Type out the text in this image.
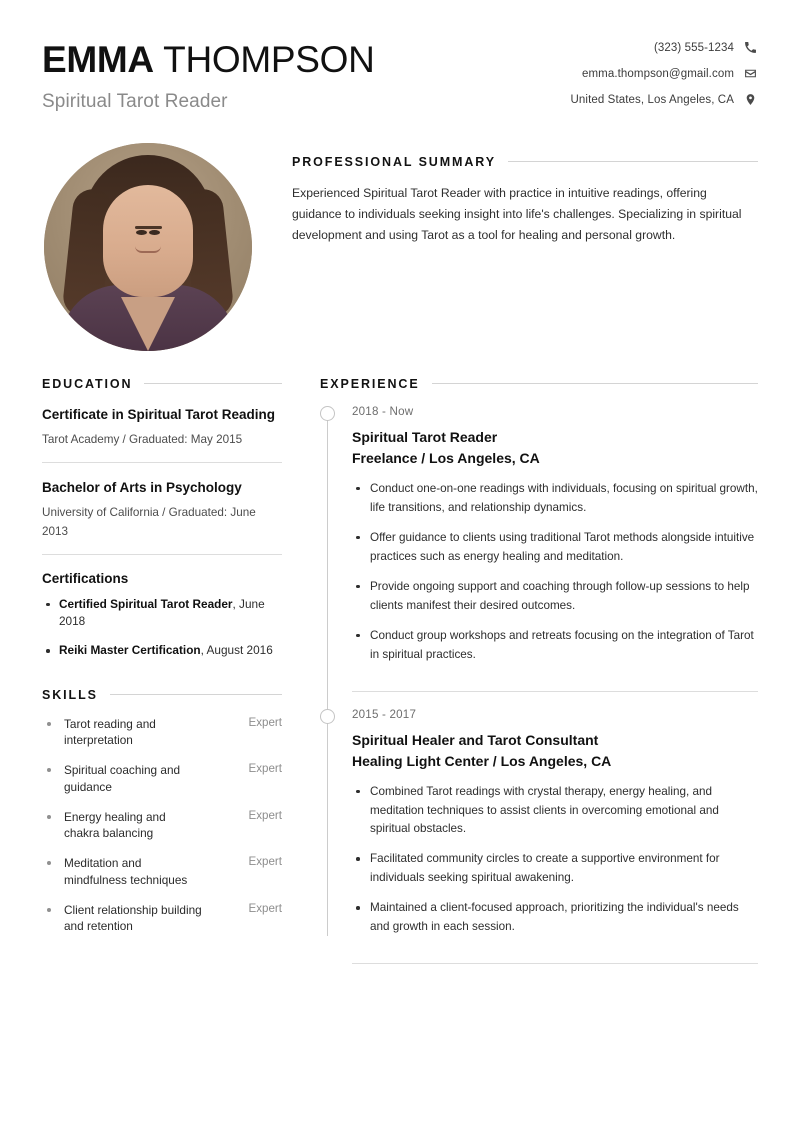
EMMA THOMPSON
Spiritual Tarot Reader
(323) 555-1234
emma.thompson@gmail.com
United States, Los Angeles, CA
PROFESSIONAL SUMMARY

Experienced Spiritual Tarot Reader with practice in intuitive readings, offering guidance to individuals seeking insight into life's challenges. Specializing in spiritual development and using Tarot as a tool for healing and personal growth.

EDUCATION
Certificate in Spiritual Tarot Reading
Tarot Academy / Graduated: May 2015
Bachelor of Arts in Psychology
University of California / Graduated: June 2013
Certifications
Certified Spiritual Tarot Reader, June 2018
Reiki Master Certification, August 2016
SKILLS
Tarot reading and interpretation
Expert
Spiritual coaching and guidance
Expert
Energy healing and chakra balancing
Expert
Meditation and mindfulness techniques
Expert
Client relationship building and retention
Expert
EXPERIENCE
2018 - Now
Spiritual Tarot Reader
Freelance / Los Angeles, CA
Conduct one-on-one readings with individuals, focusing on spiritual growth, life transitions, and relationship dynamics.
Offer guidance to clients using traditional Tarot methods alongside intuitive practices such as energy healing and meditation.
Provide ongoing support and coaching through follow-up sessions to help clients manifest their desired outcomes.
Conduct group workshops and retreats focusing on the integration of Tarot in spiritual practices.
2015 - 2017
Spiritual Healer and Tarot Consultant
Healing Light Center / Los Angeles, CA
Combined Tarot readings with crystal therapy, energy healing, and meditation techniques to assist clients in overcoming emotional and spiritual obstacles.
Facilitated community circles to create a supportive environment for individuals seeking spiritual awakening.
Maintained a client-focused approach, prioritizing the individual's needs and growth in each session.
